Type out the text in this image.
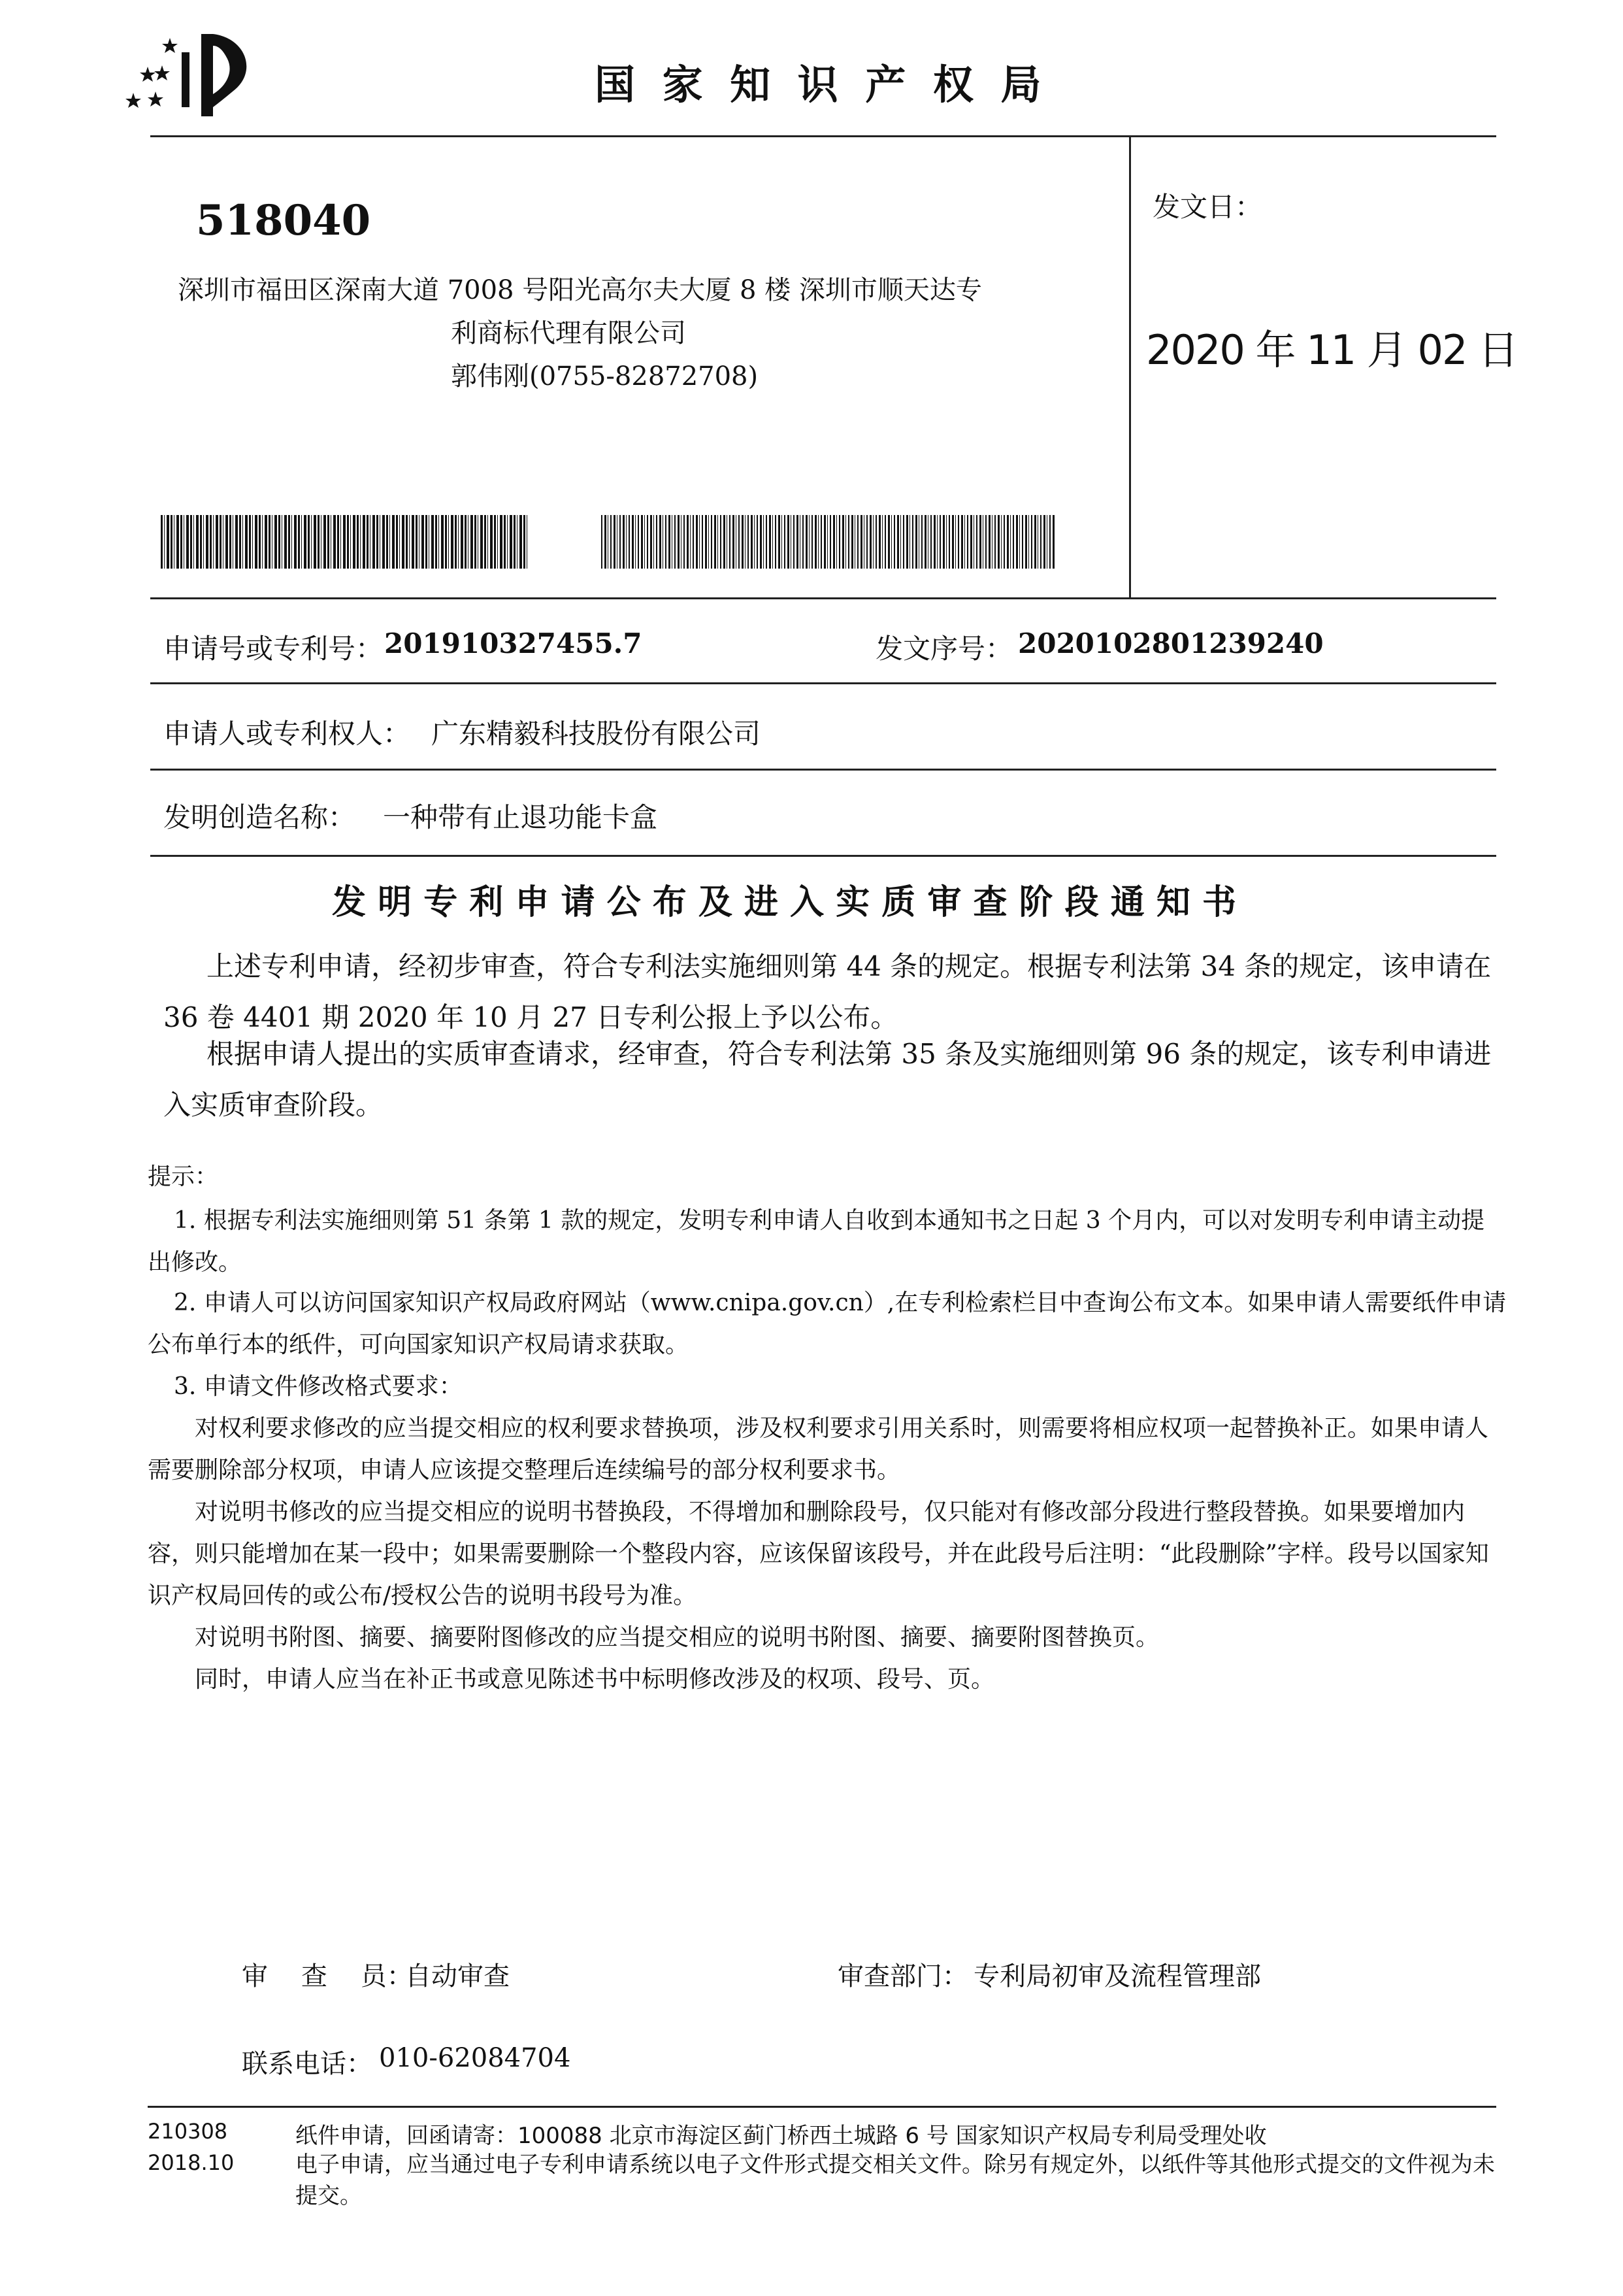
国 家 知 识 产 权 局
518040
深圳市福田区深南大道 7008 号阳光高尔夫大厦 8 楼 深圳市顺天达专
利商标代理有限公司
郭伟刚(0755-82872708)
发文日：
2020 年 11 月 02 日
申请号或专利号： 201910327455.7	发文序号： 2020102801239240
申请人或专利权人： 广东精毅科技股份有限公司
发明创造名称： 一种带有止退功能卡盒
发 明 专 利 申 请 公 布 及 进 入 实 质 审 查 阶 段 通 知 书

上述专利申请，经初步审查，符合专利法实施细则第 44 条的规定。根据专利法第 34 条的规定，该申请在 36 卷 4401 期 2020 年 10 月 27 日专利公报上予以公布。

根据申请人提出的实质审查请求，经审查，符合专利法第 35 条及实施细则第 96 条的规定，该专利申请进入实质审查阶段。

提示：

1. 根据专利法实施细则第 51 条第 1 款的规定，发明专利申请人自收到本通知书之日起 3 个月内，可以对发明专利申请主动提出修改。

2. 申请人可以访问国家知识产权局政府网站（www.cnipa.gov.cn）,在专利检索栏目中查询公布文本。如果申请人需要纸件申请公布单行本的纸件，可向国家知识产权局请求获取。

3. 申请文件修改格式要求：

对权利要求修改的应当提交相应的权利要求替换项，涉及权利要求引用关系时，则需要将相应权项一起替换补正。如果申请人需要删除部分权项，申请人应该提交整理后连续编号的部分权利要求书。

对说明书修改的应当提交相应的说明书替换段，不得增加和删除段号，仅只能对有修改部分段进行整段替换。如果要增加内容，则只能增加在某一段中；如果需要删除一个整段内容，应该保留该段号，并在此段号后注明：“此段删除”字样。段号以国家知识产权局回传的或公布/授权公告的说明书段号为准。

对说明书附图、摘要、摘要附图修改的应当提交相应的说明书附图、摘要、摘要附图替换页。

同时，申请人应当在补正书或意见陈述书中标明修改涉及的权项、段号、页。

审    查    员：
自动审查	审查部门： 专利局初审及流程管理部
联系电话： 010-62084704
210308
2018.10
纸件申请，回函请寄：100088 北京市海淀区蓟门桥西土城路 6 号 国家知识产权局专利局受理处收

电子申请，应当通过电子专利申请系统以电子文件形式提交相关文件。除另有规定外，以纸件等其他形式提交的文件视为未提交。
